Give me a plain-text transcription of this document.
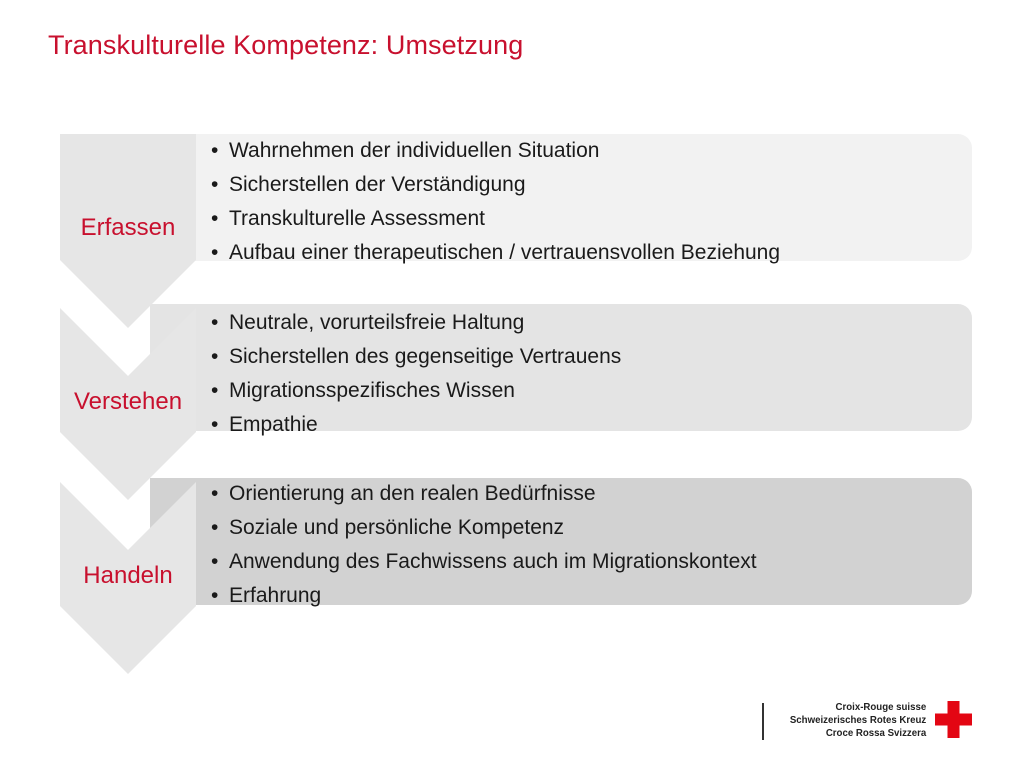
Transkulturelle Kompetenz: Umsetzung
Erfassen
Verstehen
Handeln
• Wahrnehmen der individuellen Situation
• Sicherstellen der Verständigung
• Transkulturelle Assessment
• Aufbau einer therapeutischen / vertrauensvollen Beziehung
• Neutrale, vorurteilsfreie Haltung
• Sicherstellen des gegenseitige Vertrauens
• Migrationsspezifisches Wissen
• Empathie
• Orientierung an den realen Bedürfnisse
• Soziale und persönliche Kompetenz
• Anwendung des Fachwissens auch im Migrationskontext
• Erfahrung
Croix-Rouge suisse
Schweizerisches Rotes Kreuz
Croce Rossa Svizzera
